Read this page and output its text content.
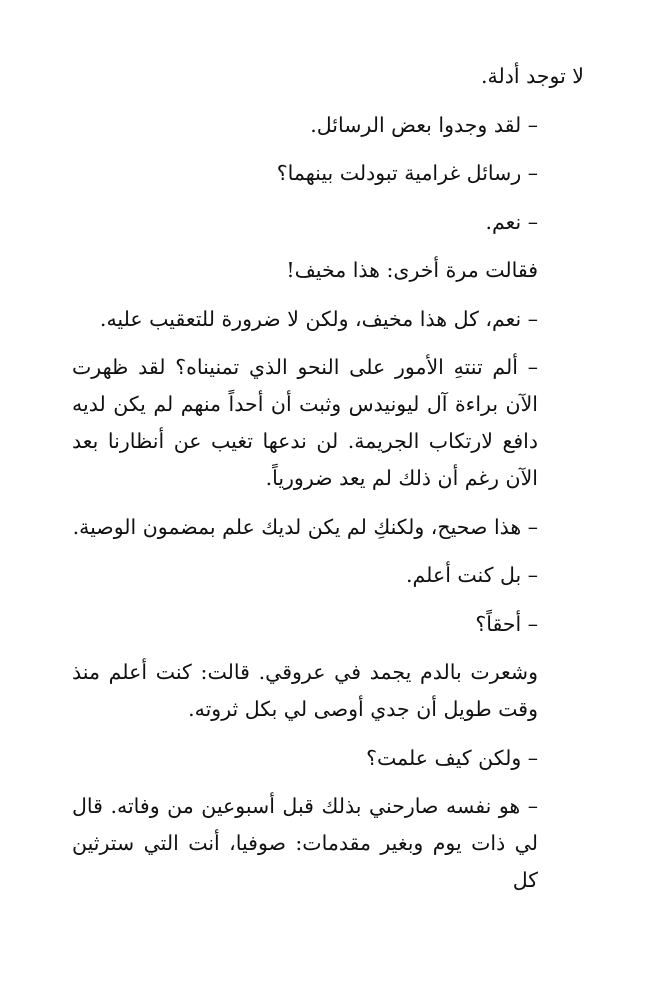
لا توجد أدلة.

– لقد وجدوا بعض الرسائل.

– رسائل غرامية تبودلت بينهما؟

– نعم.

فقالت مرة أخرى: هذا مخيف!

– نعم، كل هذا مخيف، ولكن لا ضرورة للتعقيب عليه.

– ألم تنتهِ الأمور على النحو الذي تمنيناه؟ لقد ظهرت الآن براءة آل ليونيدس وثبت أن أحداً منهم لم يكن لديه دافع لارتكاب الجريمة. لن ندعها تغيب عن أنظارنا بعد الآن رغم أن ذلك لم يعد ضرورياً.

– هذا صحيح، ولكنكِ لم يكن لديك علم بمضمون الوصية.

– بل كنت أعلم.

– أحقاً؟

وشعرت بالدم يجمد في عروقي. قالت: كنت أعلم منذ وقت طويل أن جدي أوصى لي بكل ثروته.

– ولكن كيف علمت؟

– هو نفسه صارحني بذلك قبل أسبوعين من وفاته. قال لي ذات يوم وبغير مقدمات: صوفيا، أنت التي سترثين كل
